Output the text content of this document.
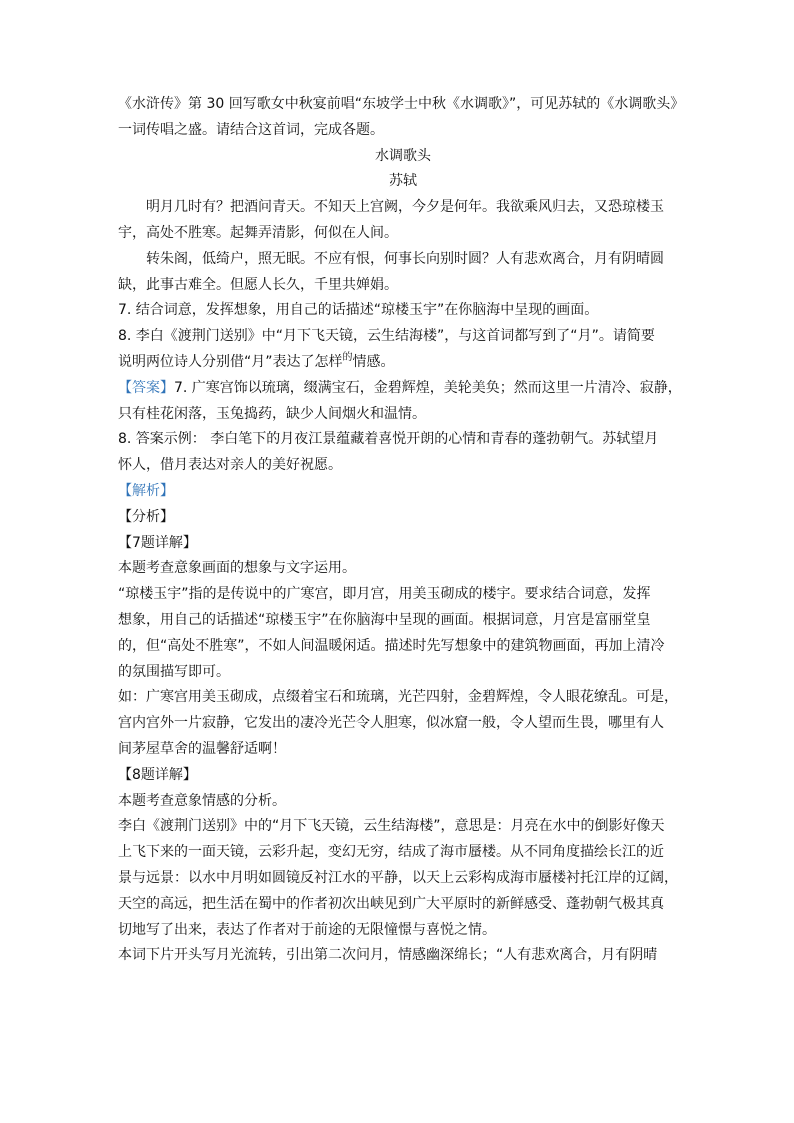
《水浒传》第 30 回写歌女中秋宴前唱“东坡学士中秋《水调歌》”，可见苏轼的《水调歌头》
一词传唱之盛。请结合这首词，完成各题。
水调歌头
苏轼
明月几时有？把酒问青天。不知天上宫阙，今夕是何年。我欲乘风归去，又恐琼楼玉
宇，高处不胜寒。起舞弄清影，何似在人间。
转朱阁，低绮户，照无眠。不应有恨，何事长向别时圆？人有悲欢离合，月有阴晴圆
缺，此事古难全。但愿人长久，千里共婵娟。
7. 结合词意，发挥想象，用自己的话描述“琼楼玉宇”在你脑海中呈现的画面。
8. 李白《渡荆门送别》中“月下飞天镜，云生结海楼”，与这首词都写到了“月”。请简要
说明两位诗人分别借“月”表达了怎样$^的$情感。
【答案】7. 广寒宫饰以琉璃，缀满宝石，金碧辉煌，美轮美奂；然而这里一片清冷、寂静，
只有桂花闲落，玉兔捣药，缺少人间烟火和温情。
8. 答案示例： 李白笔下的月夜江景蕴藏着喜悦开朗的心情和青春的蓬勃朝气。苏轼望月
怀人，借月表达对亲人的美好祝愿。
【解析】
【分析】
【7题详解】
本题考查意象画面的想象与文字运用。
“琼楼玉宇”指的是传说中的广寒宫，即月宫，用美玉砌成的楼宇。要求结合词意，发挥
想象，用自己的话描述“琼楼玉宇”在你脑海中呈现的画面。根据词意，月宫是富丽堂皇
的，但“高处不胜寒”，不如人间温暖闲适。描述时先写想象中的建筑物画面，再加上清冷
的氛围描写即可。
如：广寒宫用美玉砌成，点缀着宝石和琉璃，光芒四射，金碧辉煌，令人眼花缭乱。可是，
宫内宫外一片寂静，它发出的凄冷光芒令人胆寒，似冰窟一般，令人望而生畏，哪里有人
间茅屋草舍的温馨舒适啊！
【8题详解】
本题考查意象情感的分析。
李白《渡荆门送别》中的“月下飞天镜，云生结海楼”，意思是：月亮在水中的倒影好像天
上飞下来的一面天镜，云彩升起，变幻无穷，结成了海市蜃楼。从不同角度描绘长江的近
景与远景：以水中月明如圆镜反衬江水的平静，以天上云彩构成海市蜃楼衬托江岸的辽阔，
天空的高远，把生活在蜀中的作者初次出峡见到广大平原时的新鲜感受、蓬勃朝气极其真
切地写了出来，表达了作者对于前途的无限憧憬与喜悦之情。
本词下片开头写月光流转，引出第二次问月，情感幽深绵长；“人有悲欢离合，月有阴晴
